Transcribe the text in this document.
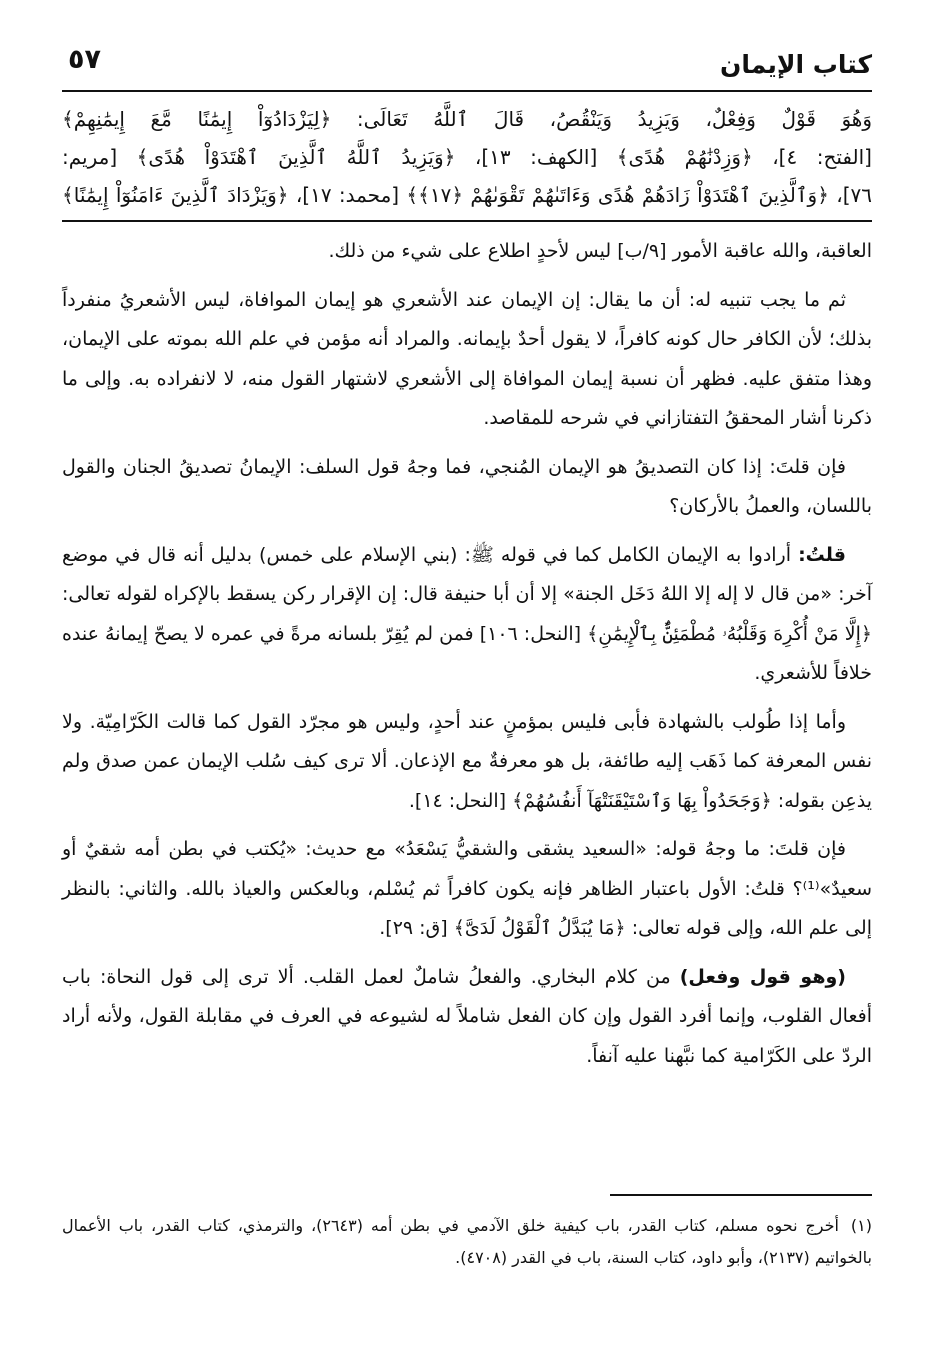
كتاب الإيمان
٥٧
وَهُوَ قَوْلٌ وَفِعْلٌ، وَيَزِيدُ وَيَنْقُصُ، قَالَ ٱللَّهُ تَعَالَى: ﴿لِيَزْدَادُوٓاْ إِيمَٰنًا مَّعَ إِيمَٰنِهِمْ﴾
[الفتح: ٤]، ﴿وَزِدْنَٰهُمْ هُدًى﴾ [الكهف: ١٣]، ﴿وَيَزِيدُ ٱللَّهُ ٱلَّذِينَ ٱهْتَدَوْاْ هُدًى﴾ [مريم:
٧٦]، ﴿وَٱلَّذِينَ ٱهْتَدَوْاْ زَادَهُمْ هُدًى وَءَاتَىٰهُمْ تَقْوَىٰهُمْ ﴿١٧﴾﴾ [محمد: ١٧]، ﴿وَيَزْدَادَ ٱلَّذِينَ ءَامَنُوٓاْ إِيمَٰنًا﴾

العاقبة، والله عاقبة الأمور [٩/ب] ليس لأحدٍ اطلاع على شيء من ذلك.

ثم ما يجب تنبيه له: أن ما يقال: إن الإيمان عند الأشعري هو إيمان الموافاة، ليس الأشعريُ منفرداً بذلك؛ لأن الكافر حال كونه كافراً، لا يقول أحدٌ بإيمانه. والمراد أنه مؤمن في علم الله بموته على الإيمان، وهذا متفق عليه. فظهر أن نسبة إيمان الموافاة إلى الأشعري لاشتهار القول منه، لا لانفراده به. وإلى ما ذكرنا أشار المحققُ التفتازاني في شرحه للمقاصد.

فإن قلتَ: إذا كان التصديقُ هو الإيمان المُنجي، فما وجهُ قول السلف: الإيمانُ تصديقُ الجنان والقول باللسان، والعملُ بالأركان؟

قلتُ: أرادوا به الإيمان الكامل كما في قوله ﷺ: (بني الإسلام على خمس) بدليل أنه قال في موضع آخر: «من قال لا إله إلا اللهُ دَخَل الجنة» إلا أن أبا حنيفة قال: إن الإقرار ركن يسقط بالإكراه لقوله تعالى: ﴿إِلَّا مَنْ أُكْرِهَ وَقَلْبُهُۥ مُطْمَئِنٌّۢ بِٱلْإِيمَٰنِ﴾ [النحل: ١٠٦] فمن لم يُقِرّ بلسانه مرةً في عمره لا يصحّ إيمانهُ عنده خلافاً للأشعري.

وأما إذا طُولب بالشهادة فأبى فليس بمؤمنٍ عند أحدٍ، وليس هو مجرّد القول كما قالت الكَرّامِيّة. ولا نفس المعرفة كما ذَهَب إليه طائفة، بل هو معرفةٌ مع الإذعان. ألا ترى كيف سُلب الإيمان عمن صدق ولم يذعِن بقوله: ﴿وَجَحَدُواْ بِهَا وَٱسْتَيْقَنَتْهَآ أَنفُسُهُمْ﴾ [النحل: ١٤].

فإن قلتَ: ما وجهُ قوله: «السعيد يشقى والشقيُّ يَسْعَدُ» مع حديث: «يُكتب في بطن أمه شقيٌ أو سعيدٌ»⁽¹⁾؟ قلتُ: الأول باعتبار الظاهر فإنه يكون كافراً ثم يُسْلم، وبالعكس والعياذ بالله. والثاني: بالنظر إلى علم الله، وإلى قوله تعالى: ﴿مَا يُبَدَّلُ ٱلْقَوْلُ لَدَىَّ﴾ [ق: ٢٩].

(وهو قول وفعل) من كلام البخاري. والفعلُ شاملٌ لعمل القلب. ألا ترى إلى قول النحاة: باب أفعال القلوب، وإنما أفرد القول وإن كان الفعل شاملاً له لشيوعه في العرف في مقابلة القول، ولأنه أراد الردّ على الكَرّامية كما نبَّهنا عليه آنفاً.

(١)أخرج نحوه مسلم، كتاب القدر، باب كيفية خلق الآدمي في بطن أمه (٢٦٤٣)، والترمذي، كتاب القدر، باب الأعمال بالخواتيم (٢١٣٧)، وأبو داود، كتاب السنة، باب في القدر (٤٧٠٨).
